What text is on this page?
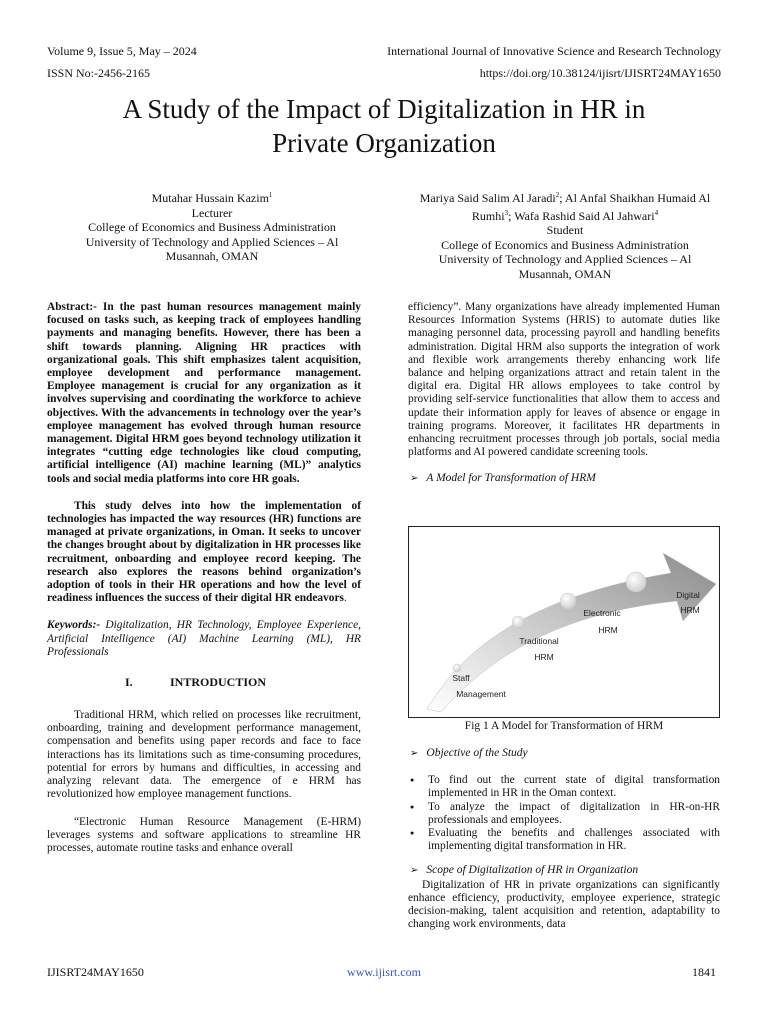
Volume 9, Issue 5, May – 2024	International Journal of Innovative Science and Research Technology
ISSN No:-2456-2165	https://doi.org/10.38124/ijisrt/IJISRT24MAY1650
A Study of the Impact of Digitalization in HR in
Private Organization
Mutahar Hussain Kazim$^1$
Lecturer
College of Economics and Business Administration
University of Technology and Applied Sciences – Al
Musannah, OMAN
Mariya Said Salim Al Jaradi$^2$; Al Anfal Shaikhan Humaid Al
Rumhi$^3$; Wafa Rashid Said Al Jahwari$^4$
Student
College of Economics and Business Administration
University of Technology and Applied Sciences – Al
Musannah, OMAN

Abstract:- In the past human resources management mainly focused on tasks such, as keeping track of employees handling payments and managing benefits. However, there has been a shift towards planning. Aligning HR practices with organizational goals. This shift emphasizes talent acquisition, employee development and performance management. Employee management is crucial for any organization as it involves supervising and coordinating the workforce to achieve objectives. With the advancements in technology over the year’s employee management has evolved through human resource management. Digital HRM goes beyond technology utilization it integrates “cutting edge technologies like cloud computing, artificial intelligence (AI) machine learning (ML)” analytics tools and social media platforms into core HR goals.

This study delves into how the implementation of technologies has impacted the way resources (HR) functions are managed at private organizations, in Oman. It seeks to uncover the changes brought about by digitalization in HR processes like recruitment, onboarding and employee record keeping. The research also explores the reasons behind organization’s adoption of tools in their HR operations and how the level of readiness influences the success of their digital HR endeavors.

Keywords:- Digitalization, HR Technology, Employee Experience, Artificial Intelligence (AI) Machine Learning (ML), HR Professionals

I.	INTRODUCTION

Traditional HRM, which relied on processes like recruitment, onboarding, training and development performance management, compensation and benefits using paper records and face to face interactions has its limitations such as time-consuming procedures, potential for errors by humans and difficulties, in accessing and analyzing relevant data. The emergence of e HRM has revolutionized how employee management functions.

“Electronic Human Resource Management (E-HRM) leverages systems and software applications to streamline HR processes, automate routine tasks and enhance overall

efficiency”. Many organizations have already implemented Human Resources Information Systems (HRIS) to automate duties like managing personnel data, processing payroll and handling benefits administration. Digital HRM also supports the integration of work and flexible work arrangements thereby enhancing work life balance and helping organizations attract and retain talent in the digital era. Digital HR allows employees to take control by providing self-service functionalities that allow them to access and update their information apply for leaves of absence or engage in training programs. Moreover, it facilitates HR departments in enhancing recruitment processes through job portals, social media platforms and AI powered candidate screening tools.

➢ A Model for Transformation of HRM
Staff
Management
Traditional
HRM
Electronic
HRM
Digital
HRM
Fig 1 A Model for Transformation of HRM
➢ Objective of the Study

● To find out the current state of digital transformation implemented in HR in the Oman context.

● To analyze the impact of digitalization in HR-on-HR professionals and employees.

● Evaluating the benefits and challenges associated with implementing digital transformation in HR.

➢ Scope of Digitalization of HR in Organization

Digitalization of HR in private organizations can significantly enhance efficiency, productivity, employee experience, strategic decision-making, talent acquisition and retention, adaptability to changing work environments, data

IJISRT24MAY1650	www.ijisrt.com	1841
